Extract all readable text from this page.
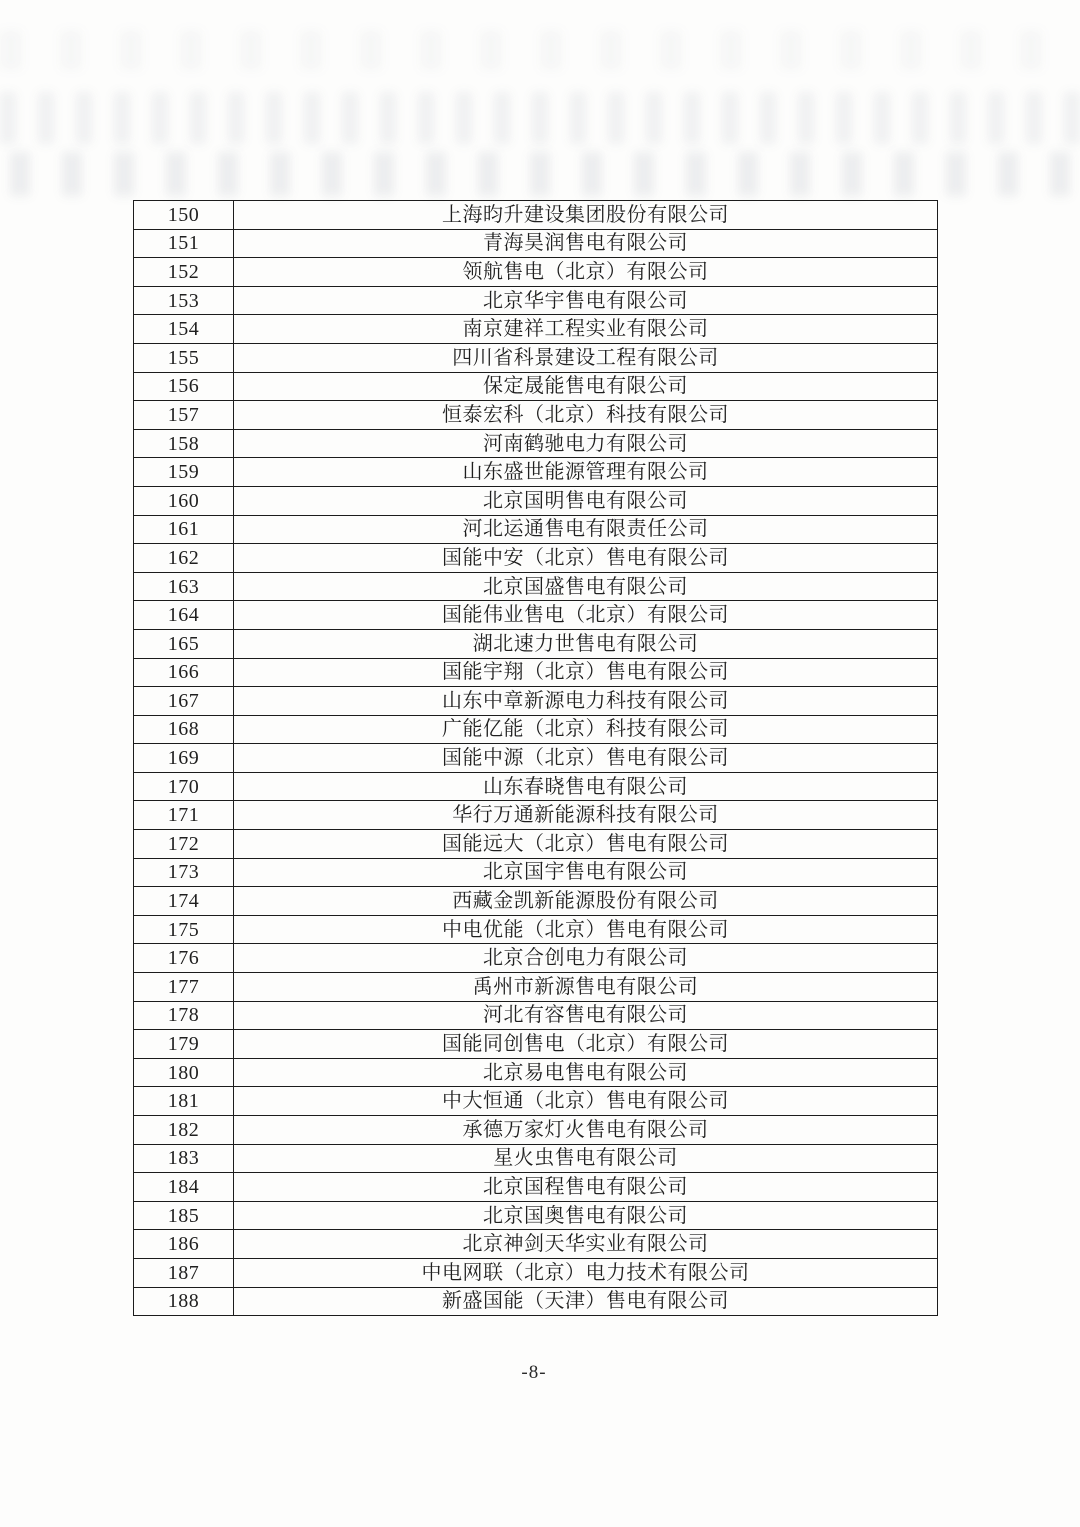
150	上海昀升建设集团股份有限公司
151	青海昊润售电有限公司
152	领航售电（北京）有限公司
153	北京华宇售电有限公司
154	南京建祥工程实业有限公司
155	四川省科景建设工程有限公司
156	保定晟能售电有限公司
157	恒泰宏科（北京）科技有限公司
158	河南鹤驰电力有限公司
159	山东盛世能源管理有限公司
160	北京国明售电有限公司
161	河北运通售电有限责任公司
162	国能中安（北京）售电有限公司
163	北京国盛售电有限公司
164	国能伟业售电（北京）有限公司
165	湖北速力世售电有限公司
166	国能宇翔（北京）售电有限公司
167	山东中章新源电力科技有限公司
168	广能亿能（北京）科技有限公司
169	国能中源（北京）售电有限公司
170	山东春晓售电有限公司
171	华行万通新能源科技有限公司
172	国能远大（北京）售电有限公司
173	北京国宇售电有限公司
174	西藏金凯新能源股份有限公司
175	中电优能（北京）售电有限公司
176	北京合创电力有限公司
177	禹州市新源售电有限公司
178	河北有容售电有限公司
179	国能同创售电（北京）有限公司
180	北京易电售电有限公司
181	中大恒通（北京）售电有限公司
182	承德万家灯火售电有限公司
183	星火虫售电有限公司
184	北京国程售电有限公司
185	北京国奥售电有限公司
186	北京神剑天华实业有限公司
187	中电网联（北京）电力技术有限公司
188	新盛国能（天津）售电有限公司
-8-
